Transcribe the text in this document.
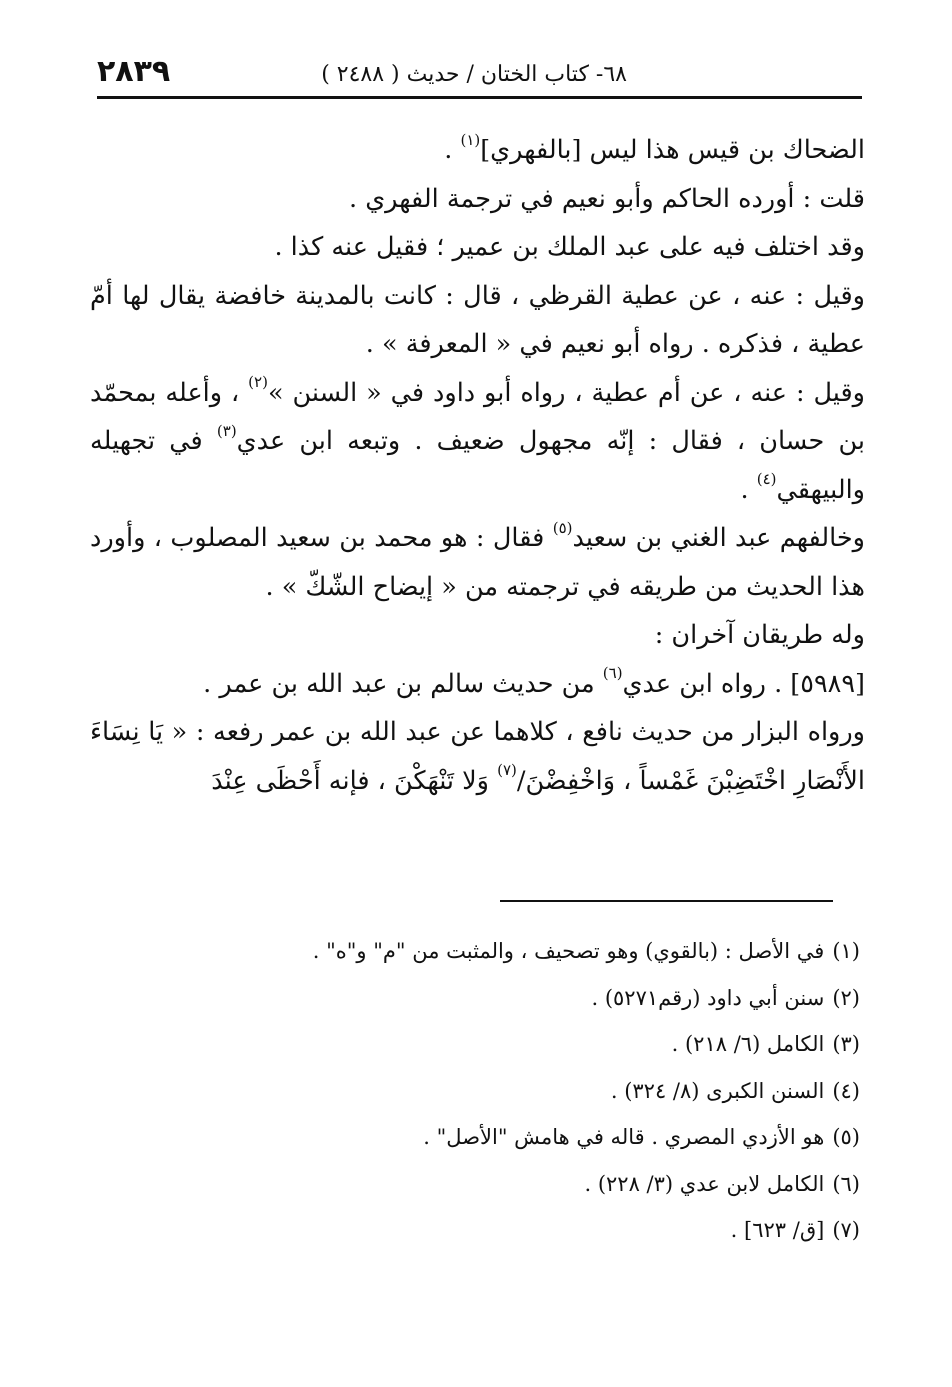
٢٨٣٩	٦٨- كتاب الختان / حديث ( ٢٤٨٨ )

الضحاك بن قيس هذا ليس [بالفهري]$^{(١)}$ .

قلت : أورده الحاكم وأبو نعيم في ترجمة الفهري .

وقد اختلف فيه على عبد الملك بن عمير ؛ فقيل عنه كذا .

وقيل : عنه ، عن عطية القرظي ، قال : كانت بالمدينة خافضة يقال لها أمّ عطية ، فذكره . رواه أبو نعيم في « المعرفة » .

وقيل : عنه ، عن أم عطية ، رواه أبو داود في « السنن »$^{(٢)}$ ، وأعله بمحمّد بن حسان ، فقال : إنّه مجهول ضعيف . وتبعه ابن عدي$^{(٣)}$ في تجهيله والبيهقي$^{(٤)}$ .

وخالفهم عبد الغني بن سعيد$^{(٥)}$ فقال : هو محمد بن سعيد المصلوب ، وأورد هذا الحديث من طريقه في ترجمته من « إيضاح الشّكّ » .

وله طريقان آخران :

[٥٩٨٩] . رواه ابن عدي$^{(٦)}$ من حديث سالم بن عبد الله بن عمر .

ورواه البزار من حديث نافع ، كلاهما عن عبد الله بن عمر رفعه : « يَا نِسَاءَ الأَنْصَارِ اخْتَضِبْنَ غَمْساً ، وَاخْفِضْنَ/$^{(٧)}$ وَلا تَنْهَكْنَ ، فإنه أَحْظَى عِنْدَ

(١)في الأصل : (بالقوي) وهو تصحيف ، والمثبت من "م" و"ه" .
(٢)سنن أبي داود (رقم٥٢٧١) .
(٣)الكامل (٦/ ٢١٨) .
(٤)السنن الكبرى (٨/ ٣٢٤) .
(٥)هو الأزدي المصري . قاله في هامش "الأصل" .
(٦)الكامل لابن عدي (٣/ ٢٢٨) .
(٧)[ق/ ٦٢٣] .
